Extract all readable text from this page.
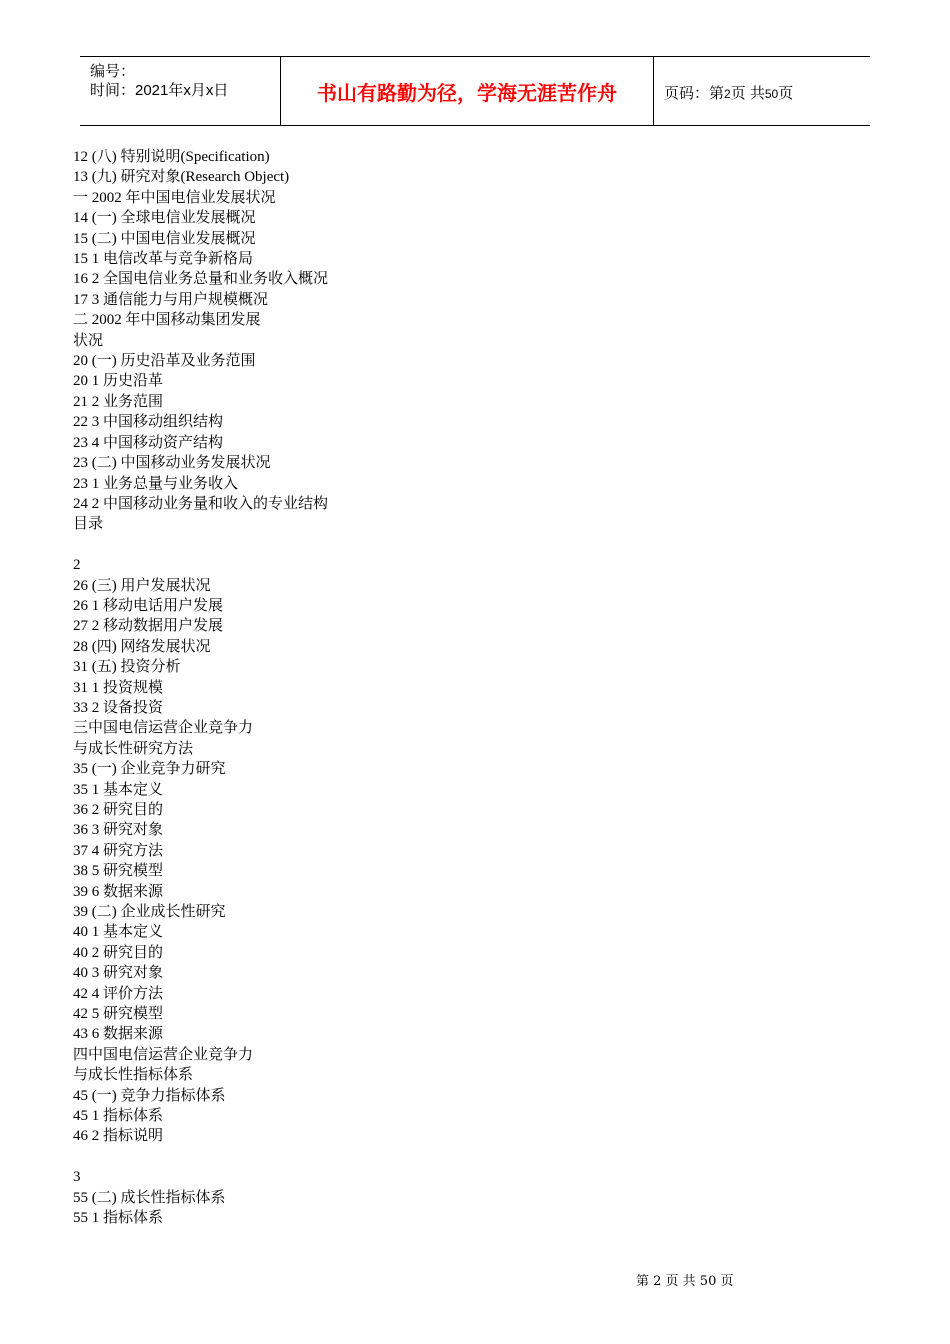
编号：
时间：2021年x月x日	书山有路勤为径，学海无涯苦作舟	页码：第2页 共50页
12 (八) 特别说明(Specification)
13 (九) 研究对象(Research Object)
一 2002 年中国电信业发展状况
14 (一) 全球电信业发展概况
15 (二) 中国电信业发展概况
15 1 电信改革与竞争新格局
16 2 全国电信业务总量和业务收入概况
17 3 通信能力与用户规模概况
二 2002 年中国移动集团发展
状况
20 (一) 历史沿革及业务范围
20 1 历史沿革
21 2 业务范围
22 3 中国移动组织结构
23 4 中国移动资产结构
23 (二) 中国移动业务发展状况
23 1 业务总量与业务收入
24 2 中国移动业务量和收入的专业结构
目录
2
26 (三) 用户发展状况
26 1 移动电话用户发展
27 2 移动数据用户发展
28 (四) 网络发展状况
31 (五) 投资分析
31 1 投资规模
33 2 设备投资
三中国电信运营企业竞争力
与成长性研究方法
35 (一) 企业竞争力研究
35 1 基本定义
36 2 研究目的
36 3 研究对象
37 4 研究方法
38 5 研究模型
39 6 数据来源
39 (二) 企业成长性研究
40 1 基本定义
40 2 研究目的
40 3 研究对象
42 4 评价方法
42 5 研究模型
43 6 数据来源
四中国电信运营企业竞争力
与成长性指标体系
45 (一) 竞争力指标体系
45 1 指标体系
46 2 指标说明
3
55 (二) 成长性指标体系
55 1 指标体系
第 2 页 共 50 页
